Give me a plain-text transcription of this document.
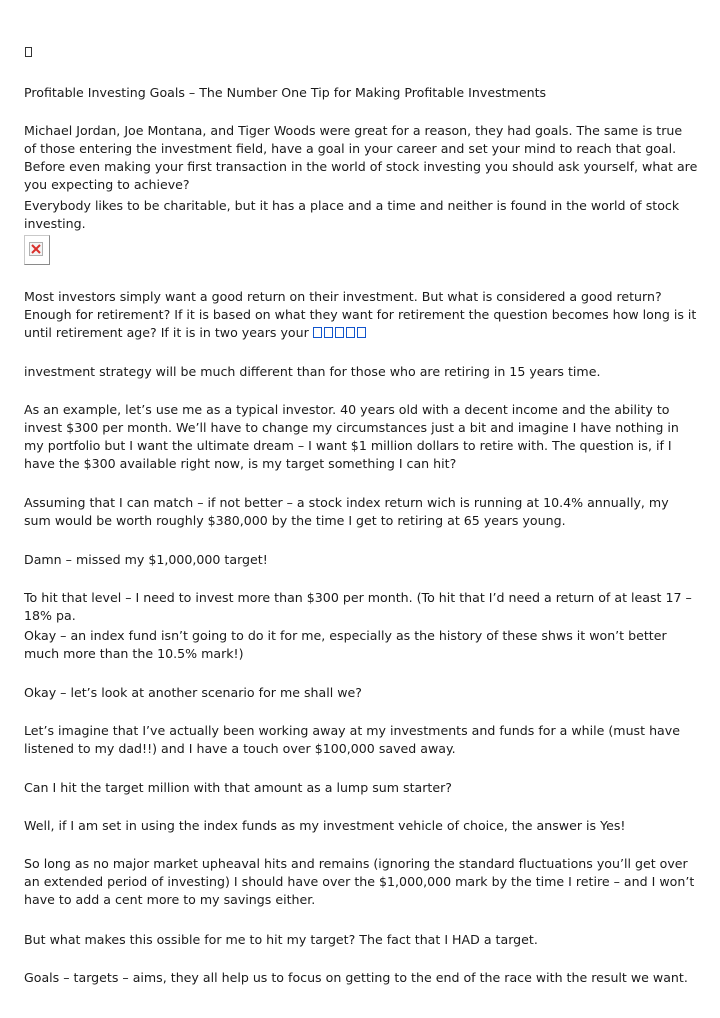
Profitable Investing Goals – The Number One Tip for Making Profitable Investments

Michael Jordan, Joe Montana, and Tiger Woods were great for a reason, they had goals. The same is true of those entering the investment field, have a goal in your career and set your mind to reach that goal. Before even making your first transaction in the world of stock investing you should ask yourself, what are you expecting to achieve?

Everybody likes to be charitable, but it has a place and a time and neither is found in the world of stock investing.

Most investors simply want a good return on their investment. But what is considered a good return? Enough for retirement? If it is based on what they want for retirement the question becomes how long is it until retirement age? If it is in two years your

investment strategy will be much different than for those who are retiring in 15 years time.

As an example, let’s use me as a typical investor. 40 years old with a decent income and the ability to invest $300 per month. We’ll have to change my circumstances just a bit and imagine I have nothing in my portfolio but I want the ultimate dream – I want $1 million dollars to retire with. The question is, if I have the $300 available right now, is my target something I can hit?

Assuming that I can match – if not better – a stock index return wich is running at 10.4% annually, my sum would be worth roughly $380,000 by the time I get to retiring at 65 years young.

Damn – missed my $1,000,000 target!

To hit that level – I need to invest more than $300 per month. (To hit that I’d need a return of at least 17 – 18% pa.

Okay – an index fund isn’t going to do it for me, especially as the history of these shws it won’t better much more than the 10.5% mark!)

Okay – let’s look at another scenario for me shall we?

Let’s imagine that I’ve actually been working away at my investments and funds for a while (must have listened to my dad!!) and I have a touch over $100,000 saved away.

Can I hit the target million with that amount as a lump sum starter?

Well, if I am set in using the index funds as my investment vehicle of choice, the answer is Yes!

So long as no major market upheaval hits and remains (ignoring the standard fluctuations you’ll get over an extended period of investing) I should have over the $1,000,000 mark by the time I retire – and I won’t have to add a cent more to my savings either.

But what makes this ossible for me to hit my target? The fact that I HAD a target.

Goals – targets – aims, they all help us to focus on getting to the end of the race with the result we want.
